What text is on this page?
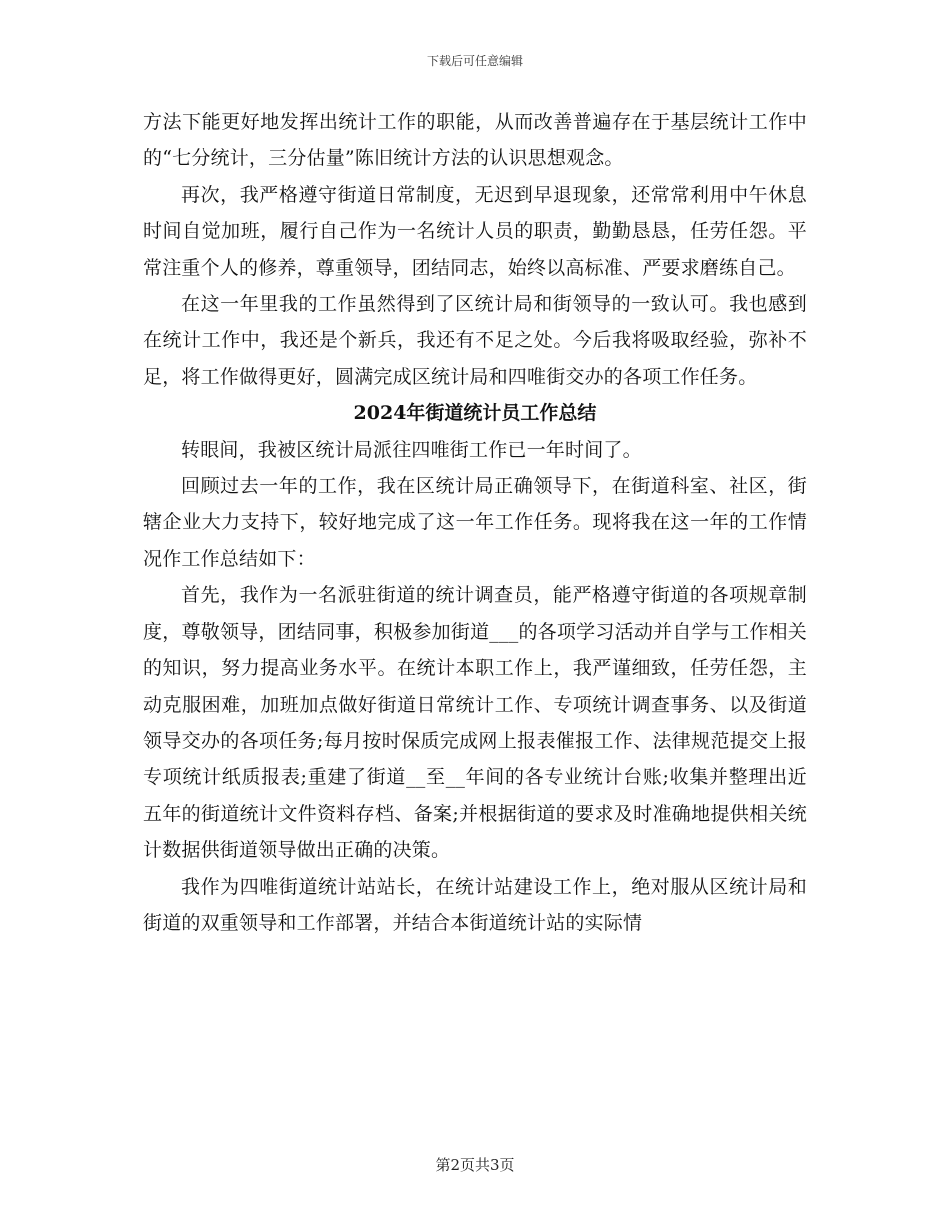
下载后可任意编辑

方法下能更好地发挥出统计工作的职能，从而改善普遍存在于基层统计工作中的“七分统计，三分估量”陈旧统计方法的认识思想观念。

再次，我严格遵守街道日常制度，无迟到早退现象，还常常利用中午休息时间自觉加班，履行自己作为一名统计人员的职责，勤勤恳恳，任劳任怨。平常注重个人的修养，尊重领导，团结同志，始终以高标准、严要求磨练自己。

在这一年里我的工作虽然得到了区统计局和街领导的一致认可。我也感到在统计工作中，我还是个新兵，我还有不足之处。今后我将吸取经验，弥补不足，将工作做得更好，圆满完成区统计局和四唯街交办的各项工作任务。

2024年街道统计员工作总结

转眼间，我被区统计局派往四唯街工作已一年时间了。

回顾过去一年的工作，我在区统计局正确领导下，在街道科室、社区，街辖企业大力支持下，较好地完成了这一年工作任务。现将我在这一年的工作情况作工作总结如下：

首先，我作为一名派驻街道的统计调查员，能严格遵守街道的各项规章制度，尊敬领导，团结同事，积极参加街道___的各项学习活动并自学与工作相关的知识，努力提高业务水平。在统计本职工作上，我严谨细致，任劳任怨，主动克服困难，加班加点做好街道日常统计工作、专项统计调查事务、以及街道领导交办的各项任务;每月按时保质完成网上报表催报工作、法律规范提交上报专项统计纸质报表;重建了街道__至__年间的各专业统计台账;收集并整理出近五年的街道统计文件资料存档、备案;并根据街道的要求及时准确地提供相关统计数据供街道领导做出正确的决策。

我作为四唯街道统计站站长，在统计站建设工作上，绝对服从区统计局和街道的双重领导和工作部署，并结合本街道统计站的实际情

第2页共3页
